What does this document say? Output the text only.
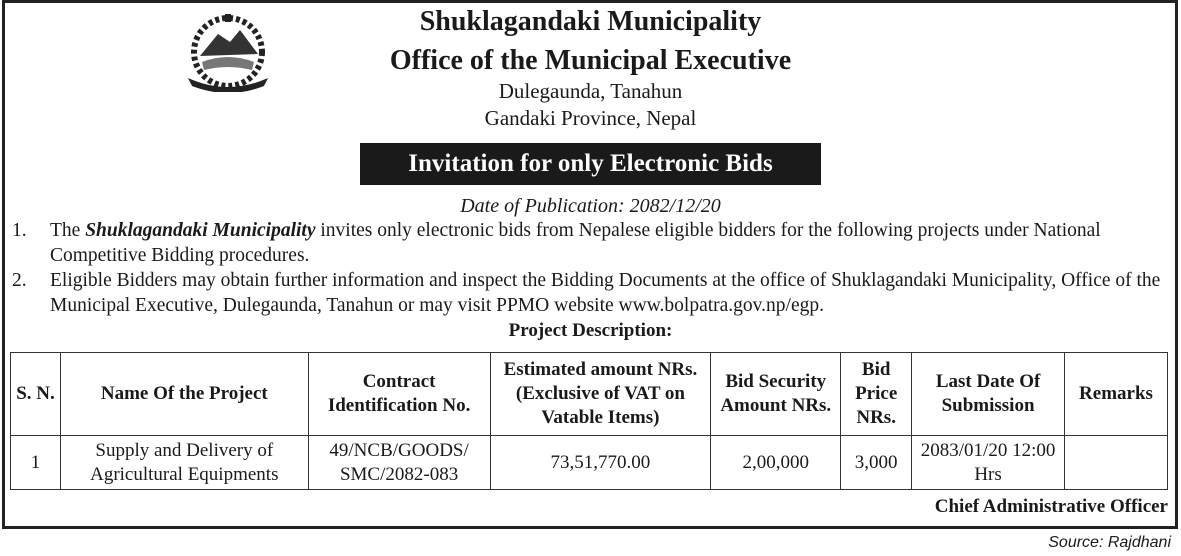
Shuklagandaki Municipality
Office of the Municipal Executive
Dulegaunda, Tanahun
Gandaki Province, Nepal
Invitation for only Electronic Bids
Date of Publication: 2082/12/20
1. The Shuklagandaki Municipality invites only electronic bids from Nepalese eligible bidders for the following projects under National Competitive Bidding procedures.
2. Eligible Bidders may obtain further information and inspect the Bidding Documents at the office of Shuklagandaki Municipality, Office of the Municipal Executive, Dulegaunda, Tanahun or may visit PPMO website www.bolpatra.gov.np/egp.
Project Description:
S. N.	Name Of the Project	Contract Identification No.	Estimated amount NRs. (Exclusive of VAT on Vatable Items)	Bid Security Amount NRs.	Bid Price NRs.	Last Date Of Submission	Remarks
1	Supply and Delivery of Agricultural Equipments	49/NCB/GOODS/ SMC/2082-083	73,51,770.00	2,00,000	3,000	2083/01/20 12:00 Hrs	
Chief Administrative Officer
Source: Rajdhani
